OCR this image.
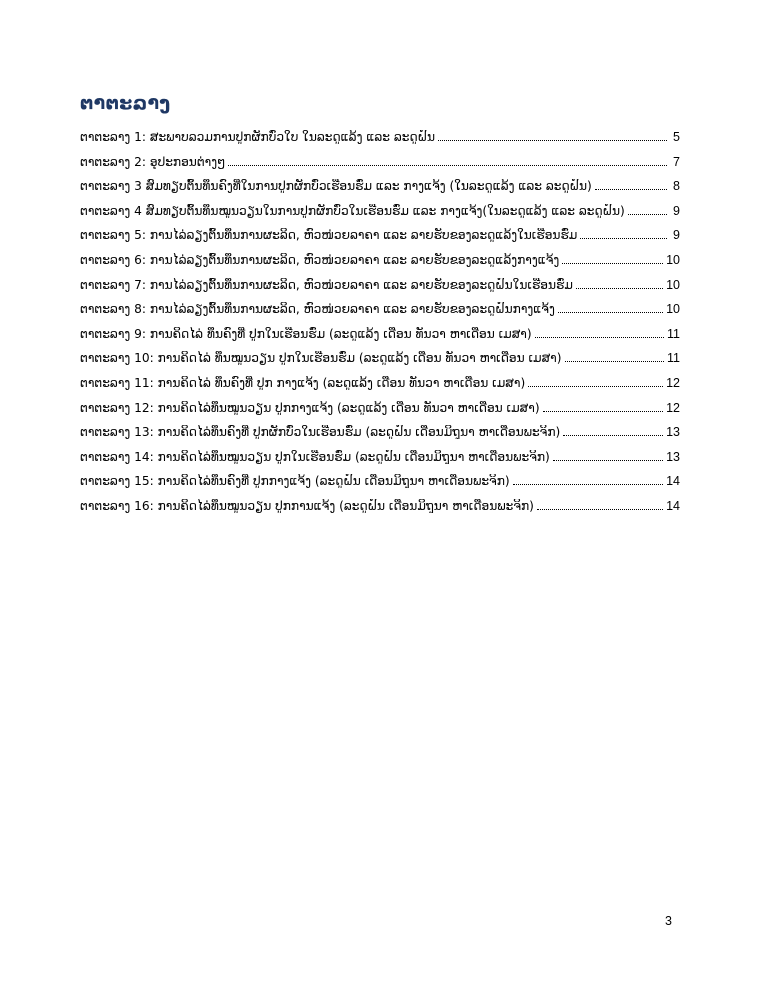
ຕາຕະລາງ
ຕາຕະລາງ 1: ສະພາບລວມການປູກຜັກບົ່ວໃບ ໃນລະດູແລ້ງ ແລະ ລະດູຝົນ	5
ຕາຕະລາງ 2: ອຸປະກອນຕ່າງໆ	7
ຕາຕະລາງ 3 ສົມທຽບຕົ້ນທຶນຄົງທີ່ໃນການປູກຜັກບົ່ວເຮືອນຮົ່ມ ແລະ ກາງແຈ້ງ (ໃນລະດູແລ້ງ ແລະ ລະດູຝົນ)	8
ຕາຕະລາງ 4 ສົມທຽບຕົ້ນທຶນໝູນວຽນໃນການປູກຜັກບົ່ວໃນເຮືອນຮົ່ມ ແລະ ກາງແຈ້ງ(ໃນລະດູແລ້ງ ແລະ ລະດູຝົນ)	9
ຕາຕະລາງ 5: ການໄລ່ລຽງຕົ້ນທຶນການຜະລິດ, ຫົວໜ່ວຍລາຄາ ແລະ ລາຍຮັບຂອງລະດູແລ້ງໃນເຮືອນຮົ່ມ	9
ຕາຕະລາງ 6: ການໄລ່ລຽງຕົ້ນທຶນການຜະລິດ, ຫົວໜ່ວຍລາຄາ ແລະ ລາຍຮັບຂອງລະດູແລ້ງກາງແຈ້ງ	10
ຕາຕະລາງ 7: ການໄລ່ລຽງຕົ້ນທຶນການຜະລິດ, ຫົວໜ່ວຍລາຄາ ແລະ ລາຍຮັບຂອງລະດູຝົນໃນເຮືອນຮົ່ມ	10
ຕາຕະລາງ 8: ການໄລ່ລຽງຕົ້ນທຶນການຜະລິດ, ຫົວໜ່ວຍລາຄາ ແລະ ລາຍຮັບຂອງລະດູຝົນກາງແຈ້ງ	10
ຕາຕະລາງ 9: ການຄິດໄລ່ ທຶນຄົງທີ່ ປູກໃນເຮືອນຮົ່ມ (ລະດູແລ້ງ ເດືອນ ທັນວາ ຫາເດືອນ ເມສາ)	11
ຕາຕະລາງ 10: ການຄິດໄລ່ ທຶນໝູນວຽນ ປູກໃນເຮືອນຮົ່ມ (ລະດູແລ້ງ ເດືອນ ທັນວາ ຫາເດືອນ ເມສາ)	11
ຕາຕະລາງ 11: ການຄິດໄລ່ ທຶນຄົງທີ່ ປູກ ກາງແຈ້ງ (ລະດູແລ້ງ ເດືອນ ທັນວາ ຫາເດືອນ ເມສາ)	12
ຕາຕະລາງ 12: ການຄິດໄລ່ທຶນໝູນວຽນ ປູກກາງແຈ້ງ (ລະດູແລ້ງ ເດືອນ ທັນວາ ຫາເດືອນ ເມສາ)	12
ຕາຕະລາງ 13: ການຄິດໄລ່ທຶນຄົງທີ່ ປູກຜັກບົ່ວໃນເຮືອນຮົ່ມ (ລະດູຝົນ ເດືອນມິຖຸນາ ຫາເດືອນພະຈິກ)	13
ຕາຕະລາງ 14: ການຄິດໄລ່ທຶນໝູນວຽນ ປູກໃນເຮືອນຮົ່ມ (ລະດູຝົນ ເດືອນມິຖຸນາ ຫາເດືອນພະຈິກ)	13
ຕາຕະລາງ 15: ການຄິດໄລ່ທຶນຄົງທີ່ ປູກກາງແຈ້ງ (ລະດູຝົນ ເດືອນມິຖຸນາ ຫາເດືອນພະຈິກ)	14
ຕາຕະລາງ 16: ການຄິດໄລ່ທຶນໝູນວຽນ ປູກການແຈ້ງ (ລະດູຝົນ ເດືອນມິຖຸນາ ຫາເດືອນພະຈິກ)	14
3
